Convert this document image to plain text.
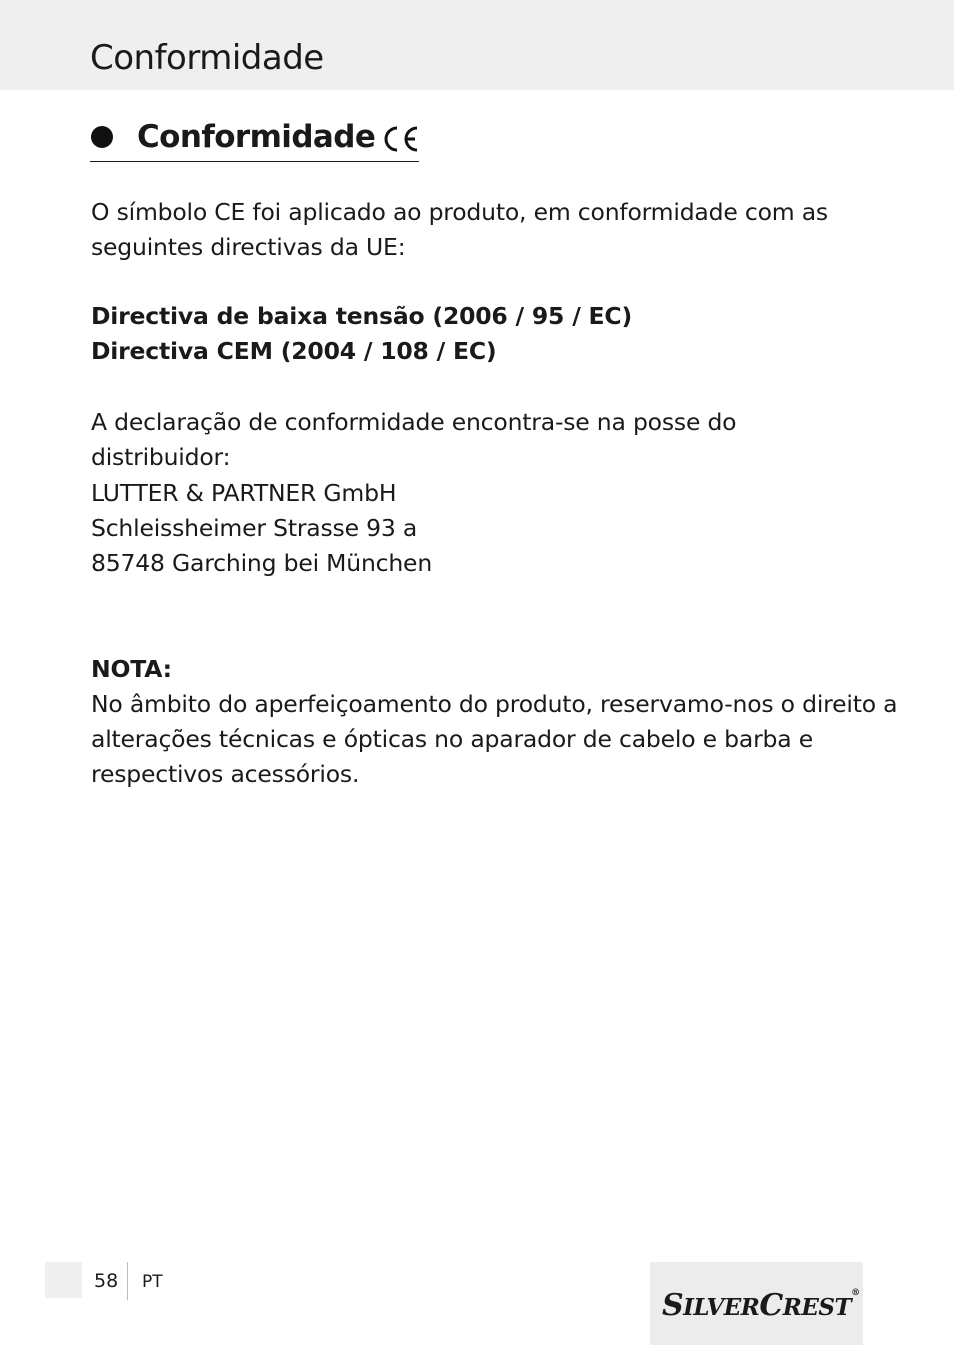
Conformidade
Conformidade
O símbolo CE foi aplicado ao produto, em conformidade com as
seguintes directivas da UE:
Directiva de baixa tensão (2006 / 95 / EC)
Directiva CEM (2004 / 108 / EC)
A declaração de conformidade encontra-se na posse do distribuidor:
LUTTER & PARTNER GmbH
Schleissheimer Strasse 93 a
85748 Garching bei München
NOTA:
No âmbito do aperfeiçoamento do produto, reservamo-nos o direito a
alterações técnicas e ópticas no aparador de cabelo e barba e
respectivos acessórios.
58 PT
SILVERCREST®
